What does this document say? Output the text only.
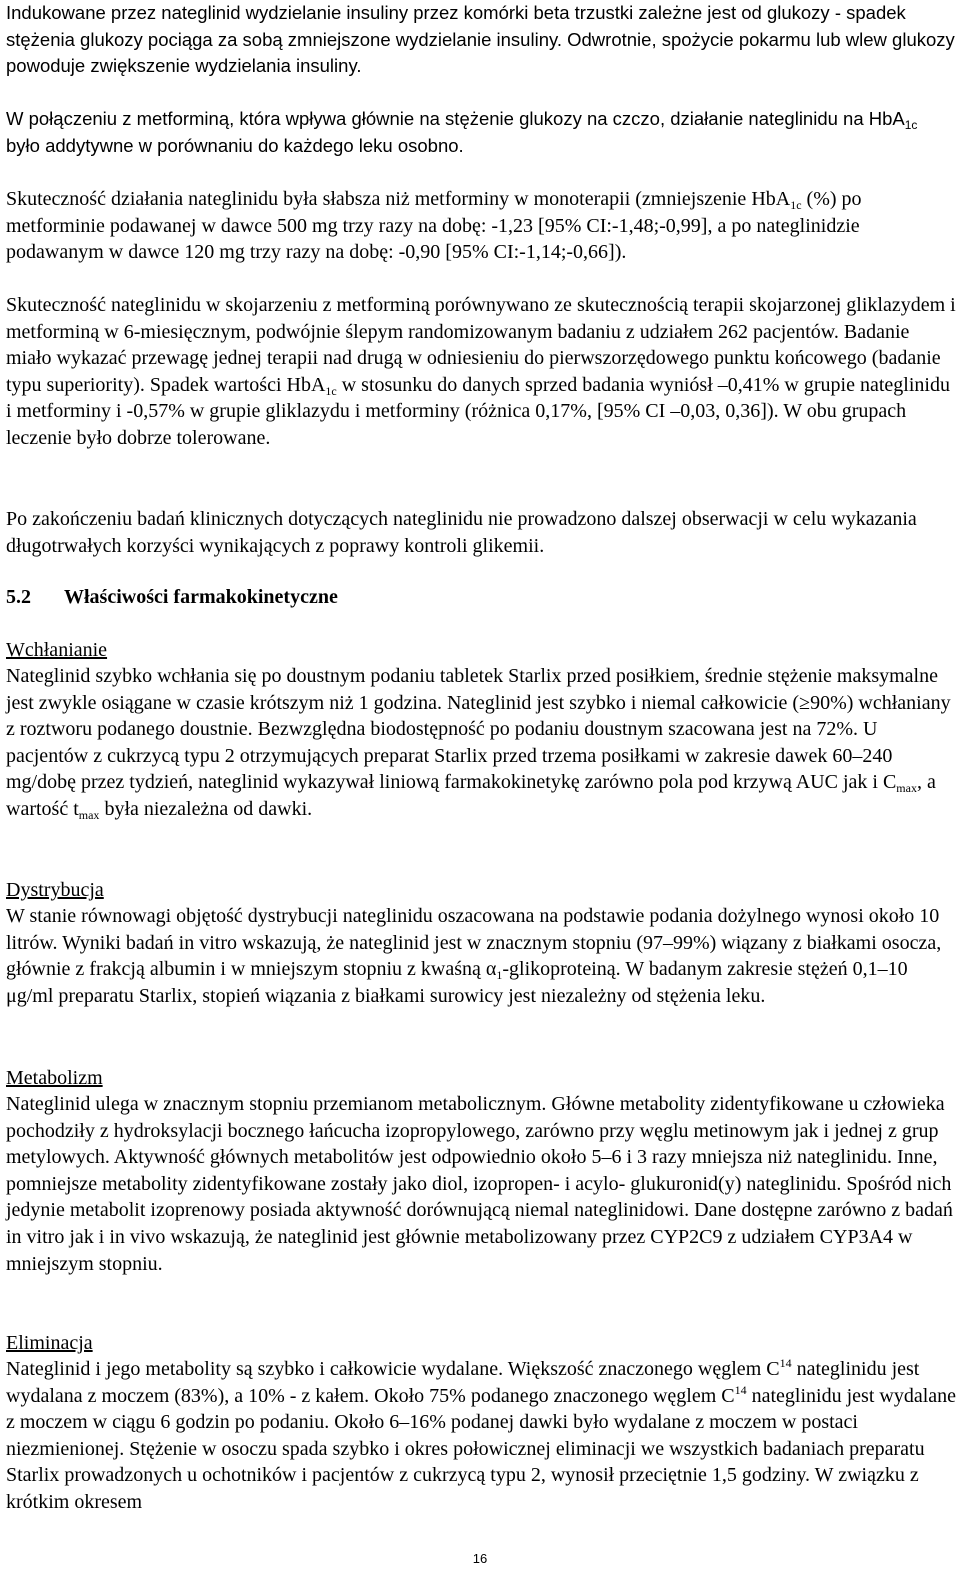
Indukowane przez nateglinid wydzielanie insuliny przez komórki beta trzustki zależne jest od glukozy - spadek stężenia glukozy pociąga za sobą zmniejszone wydzielanie insuliny. Odwrotnie, spożycie pokarmu lub wlew glukozy powoduje zwiększenie wydzielania insuliny.

W połączeniu z metforminą, która wpływa głównie na stężenie glukozy na czczo, działanie nateglinidu na HbA$_{1c}$ było addytywne w porównaniu do każdego leku osobno.

Skuteczność działania nateglinidu była słabsza niż metforminy w monoterapii (zmniejszenie HbA$_{1c}$ (%) po metforminie podawanej w dawce 500 mg trzy razy na dobę: -1,23 [95% CI:-1,48;-0,99], a po nateglinidzie podawanym w dawce 120 mg trzy razy na dobę: -0,90 [95% CI:-1,14;-0,66]).

Skuteczność nateglinidu w skojarzeniu z metforminą porównywano ze skutecznością terapii skojarzonej gliklazydem i metforminą w 6-miesięcznym, podwójnie ślepym randomizowanym badaniu z udziałem 262 pacjentów. Badanie miało wykazać przewagę jednej terapii nad drugą w odniesieniu do pierwszorzędowego punktu końcowego (badanie typu superiority). Spadek wartości HbA$_{1c}$ w stosunku do danych sprzed badania wyniósł –0,41% w grupie nateglinidu i metforminy i -0,57% w grupie gliklazydu i metforminy (różnica 0,17%, [95% CI –0,03, 0,36]). W obu grupach leczenie było dobrze tolerowane.

Po zakończeniu badań klinicznych dotyczących nateglinidu nie prowadzono dalszej obserwacji w celu wykazania długotrwałych korzyści wynikających z poprawy kontroli glikemii.

5.2 Właściwości farmakokinetyczne
Wchłanianie

Nateglinid szybko wchłania się po doustnym podaniu tabletek Starlix przed posiłkiem, średnie stężenie maksymalne jest zwykle osiągane w czasie krótszym niż 1 godzina. Nateglinid jest szybko i niemal całkowicie (≥90%) wchłaniany z roztworu podanego doustnie. Bezwzględna biodostępność po podaniu doustnym szacowana jest na 72%. U pacjentów z cukrzycą typu 2 otrzymujących preparat Starlix przed trzema posiłkami w zakresie dawek 60–240 mg/dobę przez tydzień, nateglinid wykazywał liniową farmakokinetykę zarówno pola pod krzywą AUC jak i $C_{max}$, a wartość $t_{max}$ była niezależna od dawki.

Dystrybucja

W stanie równowagi objętość dystrybucji nateglinidu oszacowana na podstawie podania dożylnego wynosi około 10 litrów. Wyniki badań in vitro wskazują, że nateglinid jest w znacznym stopniu (97–99%) wiązany z białkami osocza, głównie z frakcją albumin i w mniejszym stopniu z kwaśną $\alpha_1$-glikoproteiną. W badanym zakresie stężeń 0,1–10 μg/ml preparatu Starlix, stopień wiązania z białkami surowicy jest niezależny od stężenia leku.

Metabolizm

Nateglinid ulega w znacznym stopniu przemianom metabolicznym. Główne metabolity zidentyfikowane u człowieka pochodziły z hydroksylacji bocznego łańcucha izopropylowego, zarówno przy węglu metinowym jak i jednej z grup metylowych. Aktywność głównych metabolitów jest odpowiednio około 5–6 i 3 razy mniejsza niż nateglinidu. Inne, pomniejsze metabolity zidentyfikowane zostały jako diol, izopropen- i acylo- glukuronid(y) nateglinidu. Spośród nich jedynie metabolit izoprenowy posiada aktywność dorównującą niemal nateglinidowi. Dane dostępne zarówno z badań in vitro jak i in vivo wskazują, że nateglinid jest głównie metabolizowany przez CYP2C9 z udziałem CYP3A4 w mniejszym stopniu.

Eliminacja

Nateglinid i jego metabolity są szybko i całkowicie wydalane. Większość znaczonego węglem $C^{14}$ nateglinidu jest wydalana z moczem (83%), a 10% - z kałem. Około 75% podanego znaczonego węglem $C^{14}$ nateglinidu jest wydalane z moczem w ciągu 6 godzin po podaniu. Około 6–16% podanej dawki było wydalane z moczem w postaci niezmienionej. Stężenie w osoczu spada szybko i okres połowicznej eliminacji we wszystkich badaniach preparatu Starlix prowadzonych u ochotników i pacjentów z cukrzycą typu 2, wynosił przeciętnie 1,5 godziny. W związku z krótkim okresem

16
